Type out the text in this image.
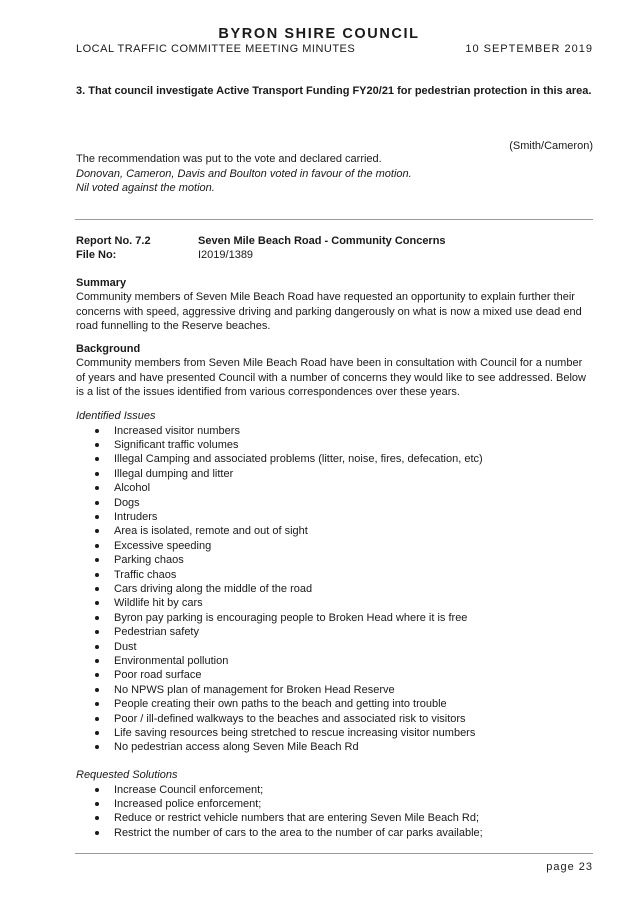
BYRON SHIRE COUNCIL
LOCAL TRAFFIC COMMITTEE MEETING MINUTES	10 SEPTEMBER 2019
3. That council investigate Active Transport Funding FY20/21 for pedestrian protection in this area.
(Smith/Cameron)
The recommendation was put to the vote and declared carried.
Donovan, Cameron, Davis and Boulton voted in favour of the motion.
Nil voted against the motion.
Report No. 7.2	Seven Mile Beach Road - Community Concerns
File No:	I2019/1389
Summary

Community members of Seven Mile Beach Road have requested an opportunity to explain further their concerns with speed, aggressive driving and parking dangerously on what is now a mixed use dead end road funnelling to the Reserve beaches.

Background

Community members from Seven Mile Beach Road have been in consultation with Council for a number of years and have presented Council with a number of concerns they would like to see addressed. Below is a list of the issues identified from various correspondences over these years.

Identified Issues
Increased visitor numbers
Significant traffic volumes
Illegal Camping and associated problems (litter, noise, fires, defecation, etc)
Illegal dumping and litter
Alcohol
Dogs
Intruders
Area is isolated, remote and out of sight
Excessive speeding
Parking chaos
Traffic chaos
Cars driving along the middle of the road
Wildlife hit by cars
Byron pay parking is encouraging people to Broken Head where it is free
Pedestrian safety
Dust
Environmental pollution
Poor road surface
No NPWS plan of management for Broken Head Reserve
People creating their own paths to the beach and getting into trouble
Poor / ill-defined walkways to the beaches and associated risk to visitors
Life saving resources being stretched to rescue increasing visitor numbers
No pedestrian access along Seven Mile Beach Rd
Requested Solutions
Increase Council enforcement;
Increased police enforcement;
Reduce or restrict vehicle numbers that are entering Seven Mile Beach Rd;
Restrict the number of cars to the area to the number of car parks available;
page 23
